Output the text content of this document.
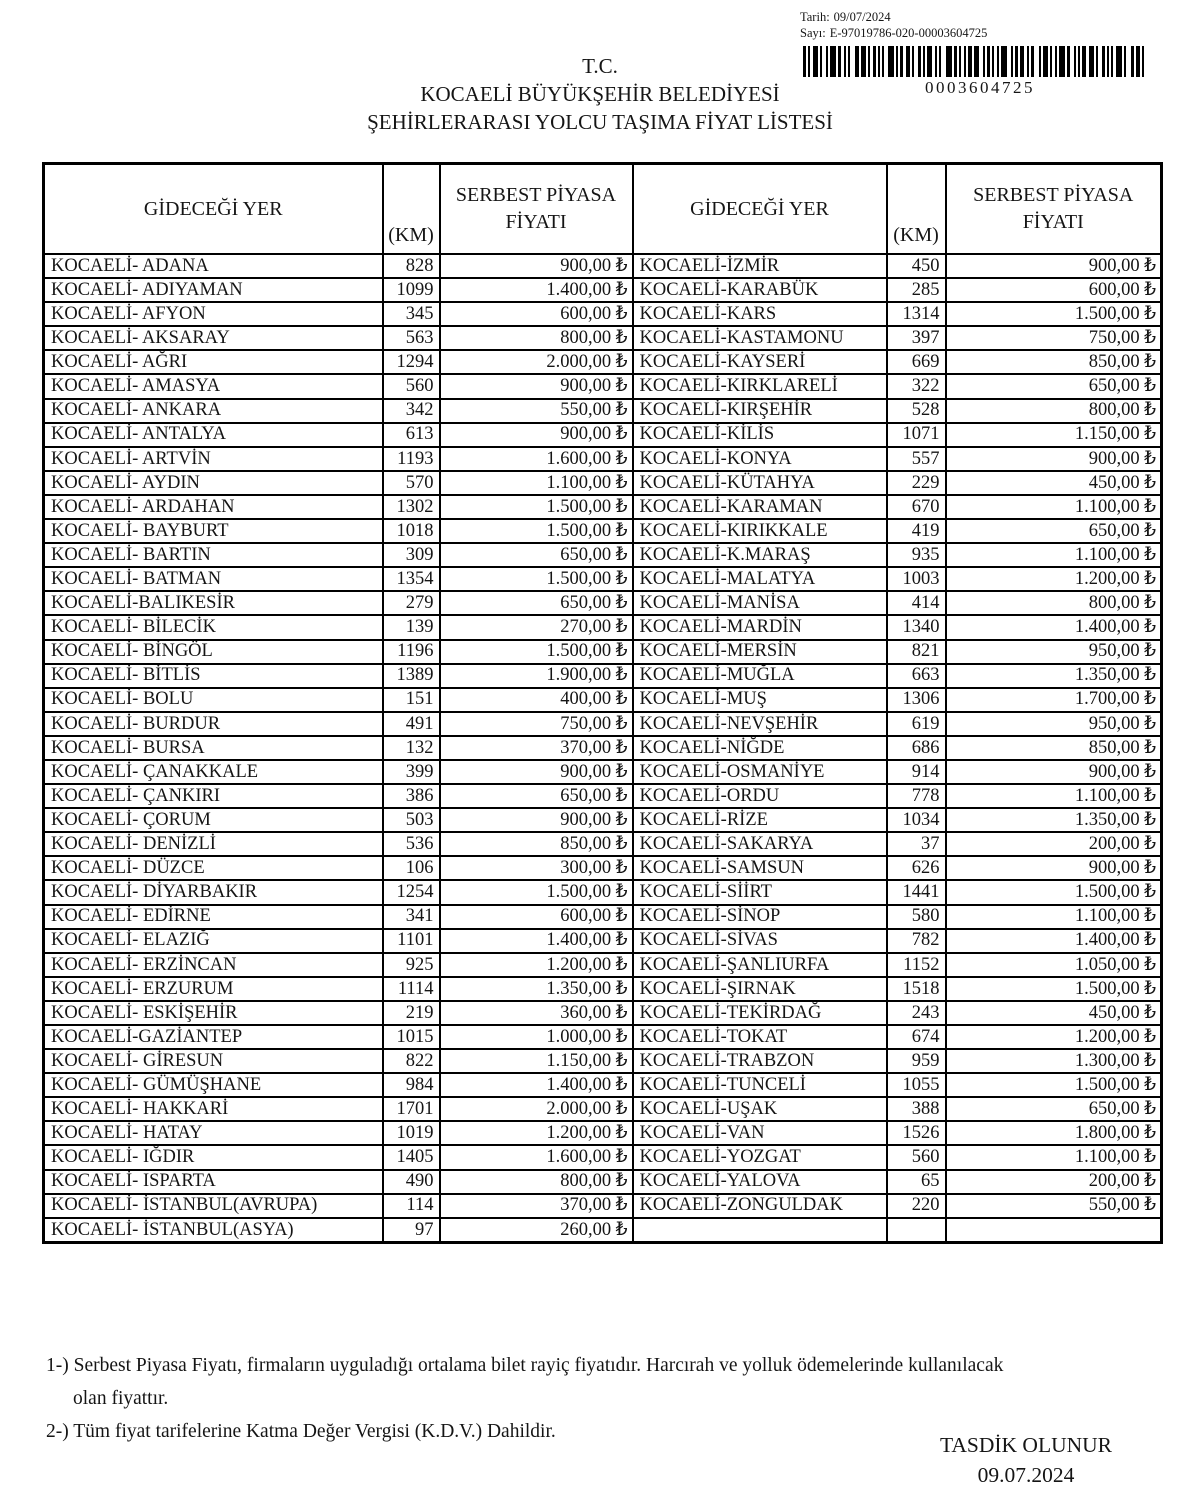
Tarih: 09/07/2024
Sayı: E-97019786-020-00003604725
0003604725
T.C.
KOCAELİ BÜYÜKŞEHİR BELEDİYESİ
ŞEHİRLERARASI YOLCU TAŞIMA FİYAT LİSTESİ
GİDECEĞİ YER	(KM)	SERBEST PİYASA FİYATI	GİDECEĞİ YER	(KM)	SERBEST PİYASA FİYATI
KOCAELİ- ADANA	828	900,00 ₺	KOCAELİ-İZMİR	450	900,00 ₺
KOCAELİ- ADIYAMAN	1099	1.400,00 ₺	KOCAELİ-KARABÜK	285	600,00 ₺
KOCAELİ- AFYON	345	600,00 ₺	KOCAELİ-KARS	1314	1.500,00 ₺
KOCAELİ- AKSARAY	563	800,00 ₺	KOCAELİ-KASTAMONU	397	750,00 ₺
KOCAELİ- AĞRI	1294	2.000,00 ₺	KOCAELİ-KAYSERİ	669	850,00 ₺
KOCAELİ- AMASYA	560	900,00 ₺	KOCAELİ-KIRKLARELİ	322	650,00 ₺
KOCAELİ- ANKARA	342	550,00 ₺	KOCAELİ-KIRŞEHİR	528	800,00 ₺
KOCAELİ- ANTALYA	613	900,00 ₺	KOCAELİ-KİLİS	1071	1.150,00 ₺
KOCAELİ- ARTVİN	1193	1.600,00 ₺	KOCAELİ-KONYA	557	900,00 ₺
KOCAELİ- AYDIN	570	1.100,00 ₺	KOCAELİ-KÜTAHYA	229	450,00 ₺
KOCAELİ- ARDAHAN	1302	1.500,00 ₺	KOCAELİ-KARAMAN	670	1.100,00 ₺
KOCAELİ- BAYBURT	1018	1.500,00 ₺	KOCAELİ-KIRIKKALE	419	650,00 ₺
KOCAELİ- BARTIN	309	650,00 ₺	KOCAELİ-K.MARAŞ	935	1.100,00 ₺
KOCAELİ- BATMAN	1354	1.500,00 ₺	KOCAELİ-MALATYA	1003	1.200,00 ₺
KOCAELİ-BALIKESİR	279	650,00 ₺	KOCAELİ-MANİSA	414	800,00 ₺
KOCAELİ- BİLECİK	139	270,00 ₺	KOCAELİ-MARDİN	1340	1.400,00 ₺
KOCAELİ- BİNGÖL	1196	1.500,00 ₺	KOCAELİ-MERSİN	821	950,00 ₺
KOCAELİ- BİTLİS	1389	1.900,00 ₺	KOCAELİ-MUĞLA	663	1.350,00 ₺
KOCAELİ- BOLU	151	400,00 ₺	KOCAELİ-MUŞ	1306	1.700,00 ₺
KOCAELİ- BURDUR	491	750,00 ₺	KOCAELİ-NEVŞEHİR	619	950,00 ₺
KOCAELİ- BURSA	132	370,00 ₺	KOCAELİ-NİĞDE	686	850,00 ₺
KOCAELİ- ÇANAKKALE	399	900,00 ₺	KOCAELİ-OSMANİYE	914	900,00 ₺
KOCAELİ- ÇANKIRI	386	650,00 ₺	KOCAELİ-ORDU	778	1.100,00 ₺
KOCAELİ- ÇORUM	503	900,00 ₺	KOCAELİ-RİZE	1034	1.350,00 ₺
KOCAELİ- DENİZLİ	536	850,00 ₺	KOCAELİ-SAKARYA	37	200,00 ₺
KOCAELİ- DÜZCE	106	300,00 ₺	KOCAELİ-SAMSUN	626	900,00 ₺
KOCAELİ- DİYARBAKIR	1254	1.500,00 ₺	KOCAELİ-SİİRT	1441	1.500,00 ₺
KOCAELİ- EDİRNE	341	600,00 ₺	KOCAELİ-SİNOP	580	1.100,00 ₺
KOCAELİ- ELAZIĞ	1101	1.400,00 ₺	KOCAELİ-SİVAS	782	1.400,00 ₺
KOCAELİ- ERZİNCAN	925	1.200,00 ₺	KOCAELİ-ŞANLIURFA	1152	1.050,00 ₺
KOCAELİ- ERZURUM	1114	1.350,00 ₺	KOCAELİ-ŞIRNAK	1518	1.500,00 ₺
KOCAELİ- ESKİŞEHİR	219	360,00 ₺	KOCAELİ-TEKİRDAĞ	243	450,00 ₺
KOCAELİ-GAZİANTEP	1015	1.000,00 ₺	KOCAELİ-TOKAT	674	1.200,00 ₺
KOCAELİ- GİRESUN	822	1.150,00 ₺	KOCAELİ-TRABZON	959	1.300,00 ₺
KOCAELİ- GÜMÜŞHANE	984	1.400,00 ₺	KOCAELİ-TUNCELİ	1055	1.500,00 ₺
KOCAELİ- HAKKARİ	1701	2.000,00 ₺	KOCAELİ-UŞAK	388	650,00 ₺
KOCAELİ- HATAY	1019	1.200,00 ₺	KOCAELİ-VAN	1526	1.800,00 ₺
KOCAELİ- IĞDIR	1405	1.600,00 ₺	KOCAELİ-YOZGAT	560	1.100,00 ₺
KOCAELİ- ISPARTA	490	800,00 ₺	KOCAELİ-YALOVA	65	200,00 ₺
KOCAELİ- İSTANBUL(AVRUPA)	114	370,00 ₺	KOCAELİ-ZONGULDAK	220	550,00 ₺
KOCAELİ- İSTANBUL(ASYA)	97	260,00 ₺			

1-) Serbest Piyasa Fiyatı, firmaların uyguladığı ortalama bilet rayiç fiyatıdır. Harcırah ve yolluk ödemelerinde kullanılacak olan fiyattır.

2-) Tüm fiyat tarifelerine Katma Değer Vergisi (K.D.V.) Dahildir.

TASDİK OLUNUR
09.07.2024
